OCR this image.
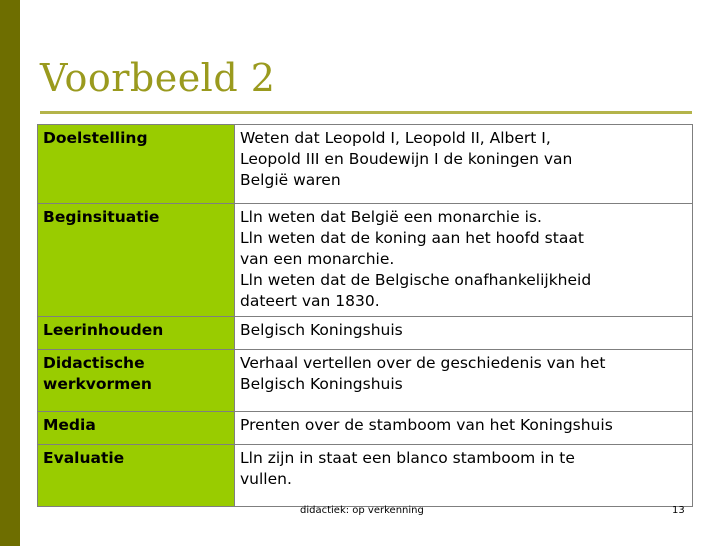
Voorbeeld 2
Doelstelling	Weten dat Leopold I, Leopold II, Albert I,
Leopold III en Boudewijn I de koningen van
België waren

Beginsituatie	Lln weten dat België een monarchie is.
Lln weten dat de koning aan het hoofd staat
van een monarchie.
Lln weten dat de Belgische onafhankelijkheid
dateert van 1830.

Leerinhouden	Belgisch Koningshuis

Didactische
werkvormen	Verhaal vertellen over de geschiedenis van het
Belgisch Koningshuis

Media	Prenten over de stamboom van het Koningshuis

Evaluatie	Lln zijn in staat een blanco stamboom in te
vullen.
didactiek: op verkenning	13
